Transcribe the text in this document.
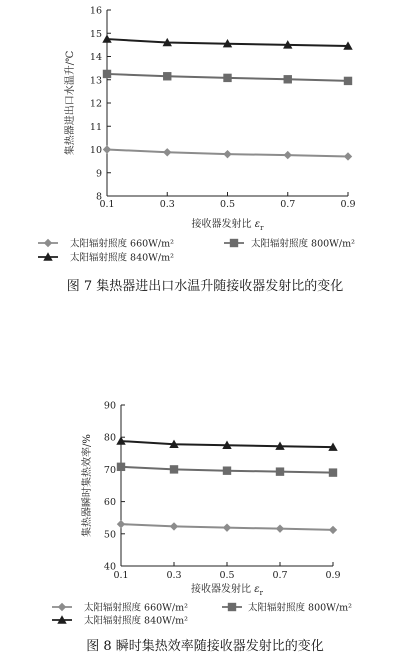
8
9
10
11
12
13
14
15
16
0.1	0.3	0.5	0.7	0.9
集热器进出口水温升/℃
接收器发射比 $\varepsilon_r$
太阳辐射照度 660W/m²	太阳辐射照度 800W/m²
太阳辐射照度 840W/m²
图 7 集热器进出口水温升随接收器发射比的变化
40
50
60
70
80
90
0.1	0.3	0.5	0.7	0.9
集热器瞬时集热效率/%
接收器发射比 $\varepsilon_r$
太阳辐射照度 660W/m²	太阳辐射照度 800W/m²
太阳辐射照度 840W/m²
图 8 瞬时集热效率随接收器发射比的变化
